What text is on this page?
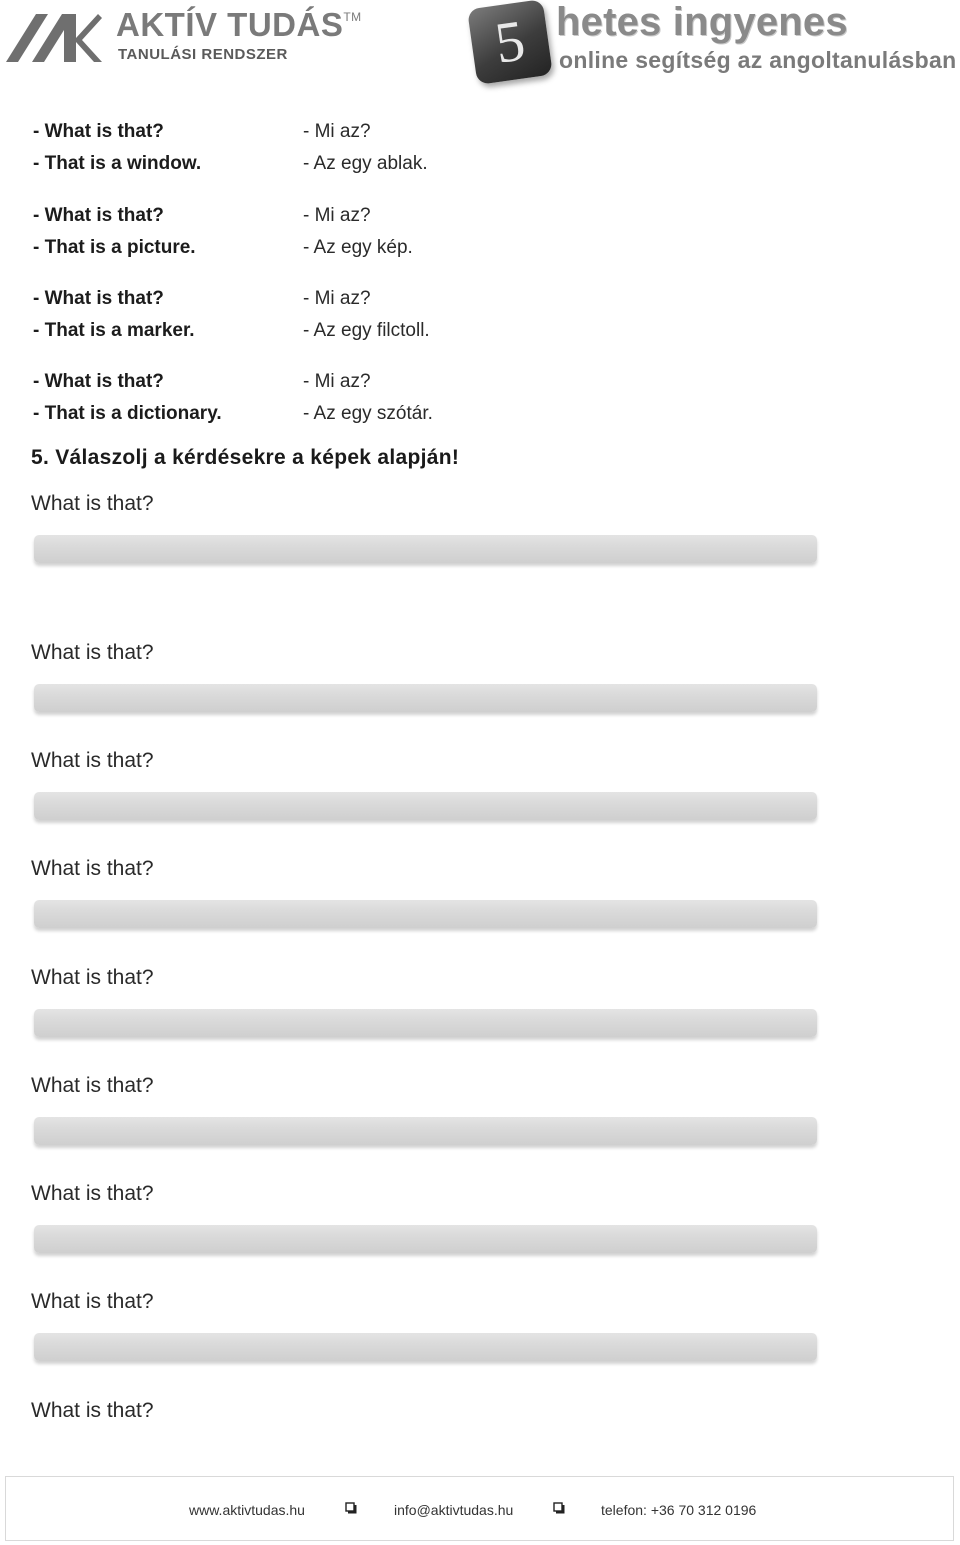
AKTÍV TUDÁS™
TANULÁSI RENDSZER	5 hetes ingyenes
online segítség az angoltanulásban
- What is that?	- Mi az?
- That is a window.	- Az egy ablak.
- What is that?	- Mi az?
- That is a picture.	- Az egy kép.
- What is that?	- Mi az?
- That is a marker.	- Az egy filctoll.
- What is that?	- Mi az?
- That is a dictionary.	- Az egy szótár.
5. Válaszolj a kérdésekre a képek alapján!
What is that?
What is that?
What is that?
What is that?
What is that?
What is that?
What is that?
What is that?
What is that?
www.aktivtudas.hu	info@aktivtudas.hu	telefon: +36 70 312 0196
